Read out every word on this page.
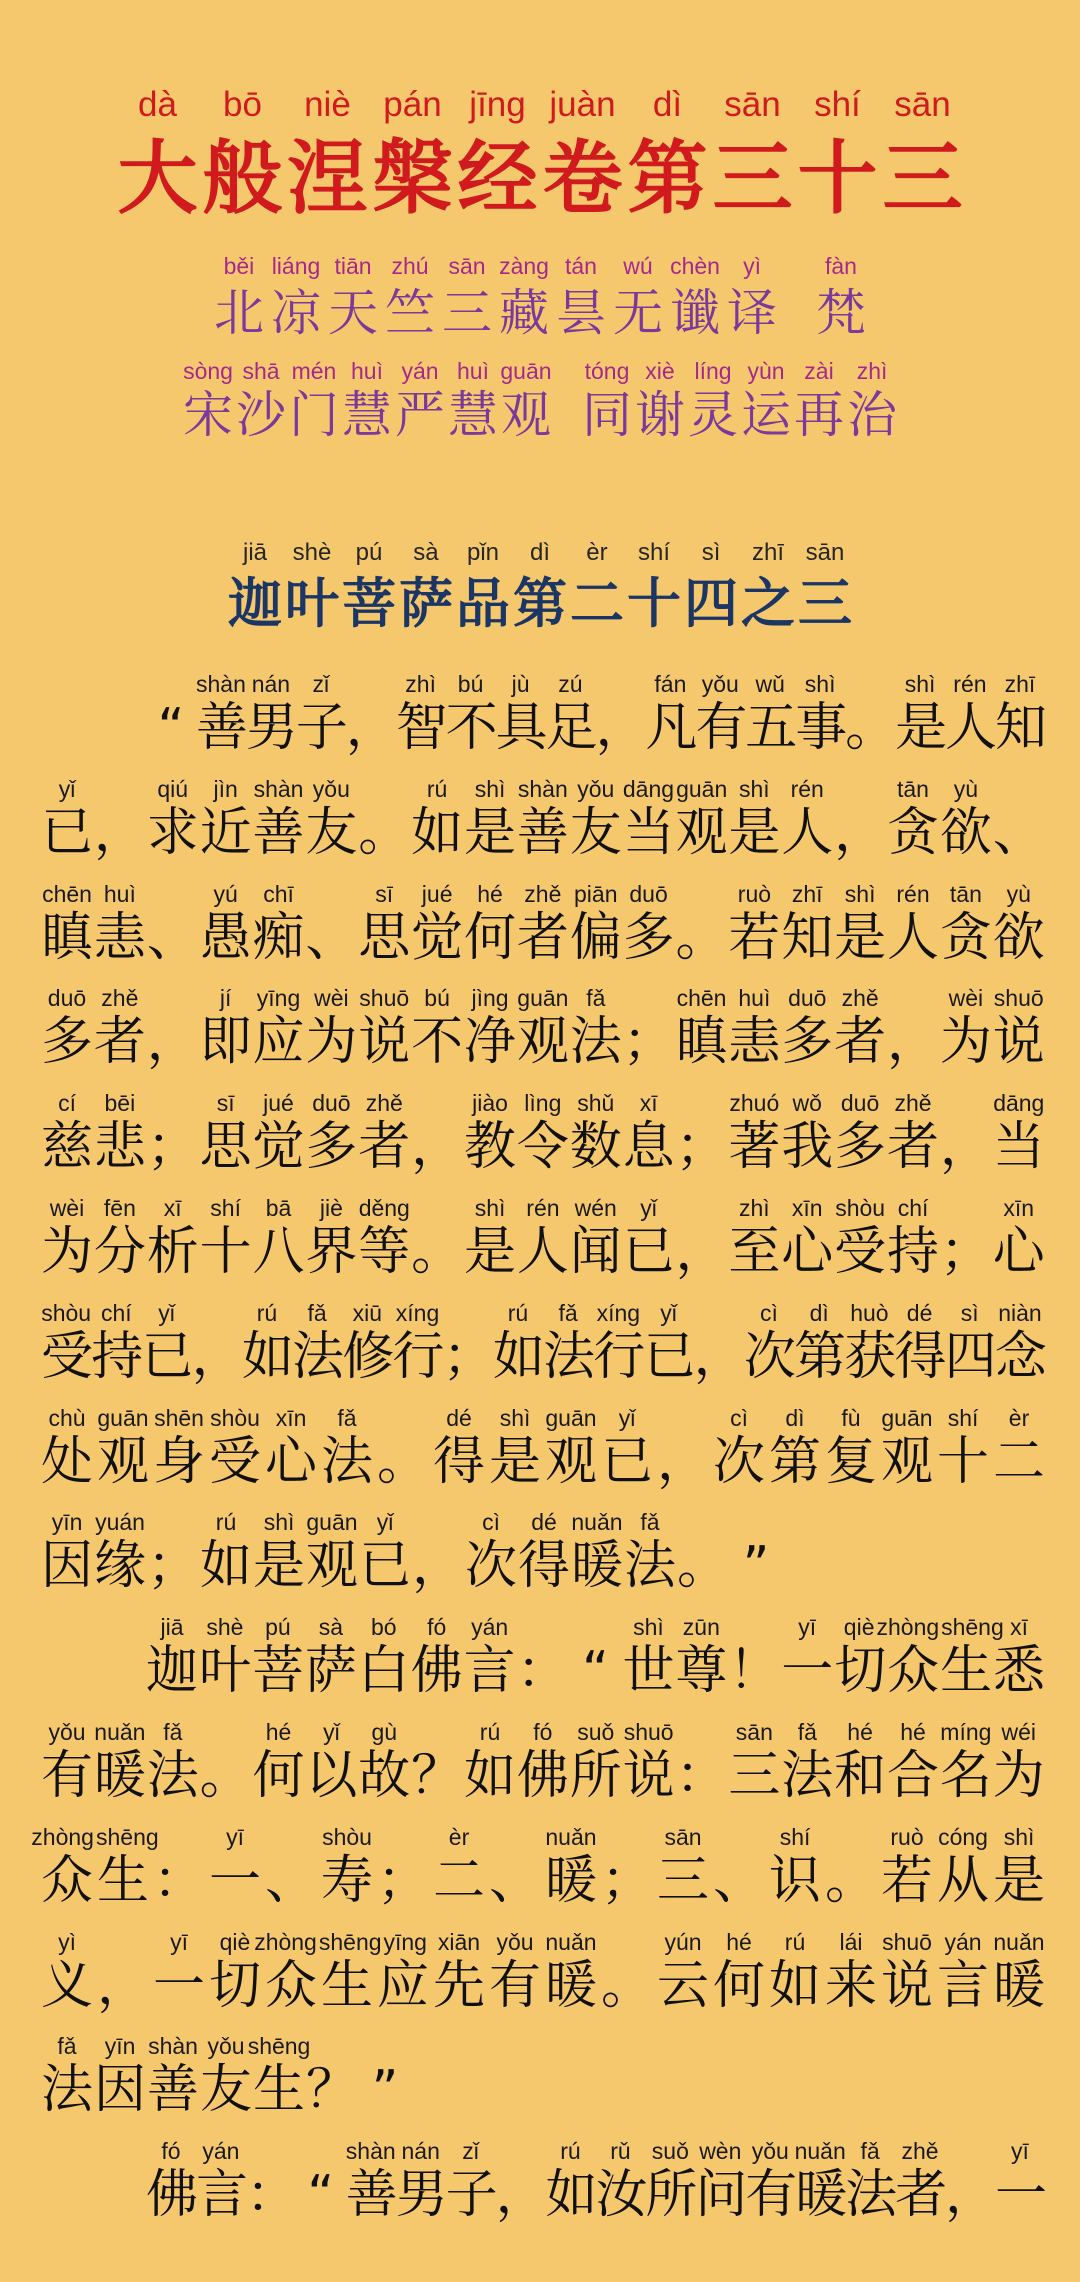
dà bō niè pán jīng juàn dì sān shí sān
大 般 涅 槃 经 卷 第 三 十 三
běi liáng tiān zhú sān zàng tán wú chèn yì	fàn
北 凉 天 竺 三 藏 昙 无 谶 译
梵
sòng shā mén huì yán huì guān tóng xiè líng yùn zài zhì
宋 沙 门 慧 严 慧 观
同 谢 灵 运 再 治
jiā shè pú sà pǐn dì èr shí sì zhī sān
迦 叶 菩 萨 品 第 二 十 四 之 三
shàn nán zǐ	zhì bú jù zú	fán yǒu wǔ shì	shì rén zhī
“ 善
男
子
，
智
不
具
足
，
凡
有
五
事
。
是
人
知
yǐ	qiú jìn shàn yǒu	rú shì shàn yǒu dāng guān shì rén	tān yù
已 ， 求 近 善 友 。 如 是 善 友 当 观 是 人 ， 贪 欲 、
chēn huì	yú chī	sī jué hé zhě piān duō	ruò zhī shì rén tān yù
瞋 恚 、 愚 痴 、 思 觉 何 者 偏 多 。 若 知 是 人 贪 欲
duō zhě	jí yīng wèi shuō bú jìng guān fǎ	chēn huì duō zhě	wèi shuō
多 者 ， 即 应 为 说 不 净 观 法 ； 瞋 恚 多 者 ， 为 说
cí bēi	sī jué duō zhě	jiào lìng shǔ xī	zhuó wǒ duō zhě	dāng
慈 悲 ； 思 觉 多 者 ， 教 令 数 息 ； 著 我 多 者 ， 当
wèi fēn xī shí bā jiè děng	shì rén wén yǐ	zhì xīn shòu chí	xīn
为 分 析 十 八 界 等 。 是 人 闻 已 ， 至 心 受 持 ； 心
shòu chí yǐ	rú fǎ xiū xíng	rú fǎ xíng yǐ	cì dì huò dé sì niàn
受
持
已
，
如
法
修
行
；
如
法
行
已
，
次
第
获
得
四
念
chù guān shēn shòu xīn fǎ	dé shì guān yǐ	cì dì fù guān shí èr
处 观 身 受 心 法 。 得 是 观 已 ， 次 第 复 观 十 二
yīn yuán	rú shì guān yǐ	cì dé nuǎn fǎ
因 缘 ； 如 是 观 已 ， 次 得 暖 法 。 ”
jiā shè pú sà bó fó yán	shì zūn	yī qiè zhòng shēng xī
迦 叶 菩 萨 白 佛 言 ： “ 世 尊 ！ 一 切 众 生 悉
yǒu nuǎn fǎ	hé yǐ gù	rú fó suǒ shuō	sān fǎ hé hé míng wéi
有 暖 法 。 何 以 故 ？ 如 佛 所 说 ： 三 法 和 合 名 为
zhòng shēng	yī	shòu	èr	nuǎn	sān	shí	ruò cóng shì
众 生 ： 一 、 寿 ； 二 、 暖 ； 三 、 识 。 若 从 是
yì	yī qiè zhòng shēng yīng xiān yǒu nuǎn	yún hé rú lái shuō yán nuǎn
义 ， 一 切 众 生 应 先 有 暖 。 云 何 如 来 说 言 暖
fǎ yīn shàn yǒu shēng
法 因 善 友 生 ？ ”
fó yán	shàn nán zǐ	rú rǔ suǒ wèn yǒu nuǎn fǎ zhě	yī
佛
言
： “ 善
男
子
，
如
汝
所
问
有
暖
法
者
，
一
